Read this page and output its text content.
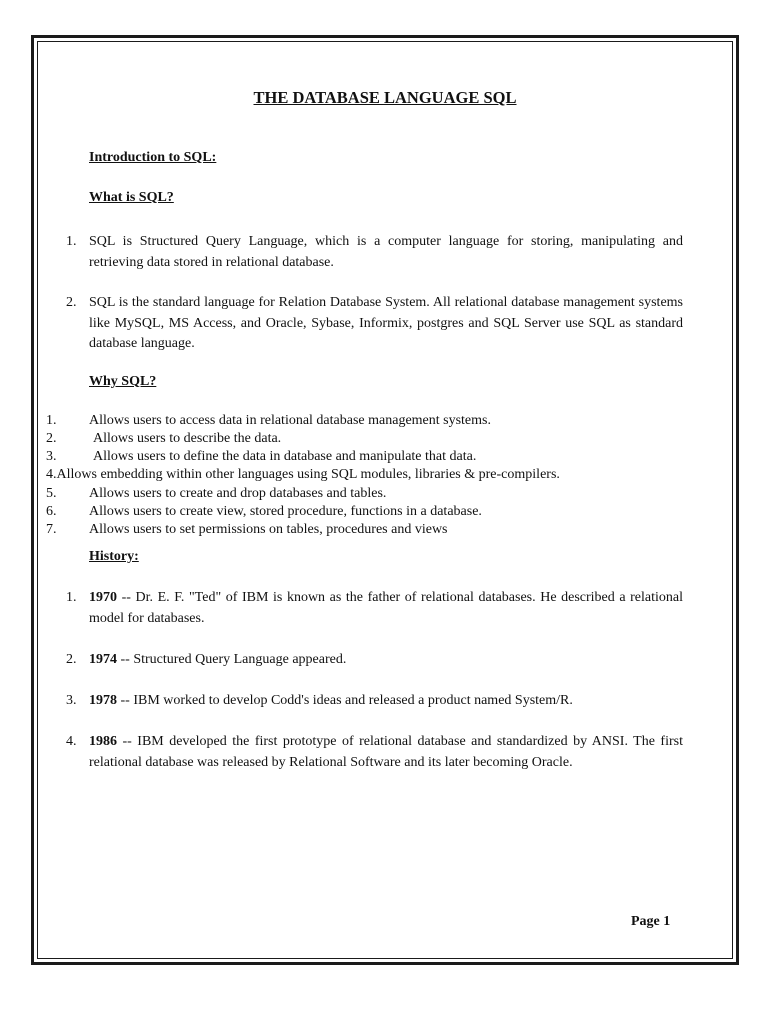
THE DATABASE LANGUAGE SQL
Introduction to SQL:
What is SQL?
1. SQL is Structured Query Language, which is a computer language for storing, manipulating and retrieving data stored in relational database.
2. SQL is the standard language for Relation Database System. All relational database management systems like MySQL, MS Access, and Oracle, Sybase, Informix, postgres and SQL Server use SQL as standard database language.
Why SQL?
1. Allows users to access data in relational database management systems.
2.	Allows users to describe the data.
3.	Allows users to define the data in database and manipulate that data.
4.Allows embedding within other languages using SQL modules, libraries & pre-compilers.
5. Allows users to create and drop databases and tables.
6. Allows users to create view, stored procedure, functions in a database.
7. Allows users to set permissions on tables, procedures and views
History:
1. 1970 -- Dr. E. F. "Ted" of IBM is known as the father of relational databases. He described a relational model for databases.
2. 1974 -- Structured Query Language appeared.
3. 1978 -- IBM worked to develop Codd's ideas and released a product named System/R.
4. 1986 -- IBM developed the first prototype of relational database and standardized by ANSI. The first relational database was released by Relational Software and its later becoming Oracle.
Page 1
